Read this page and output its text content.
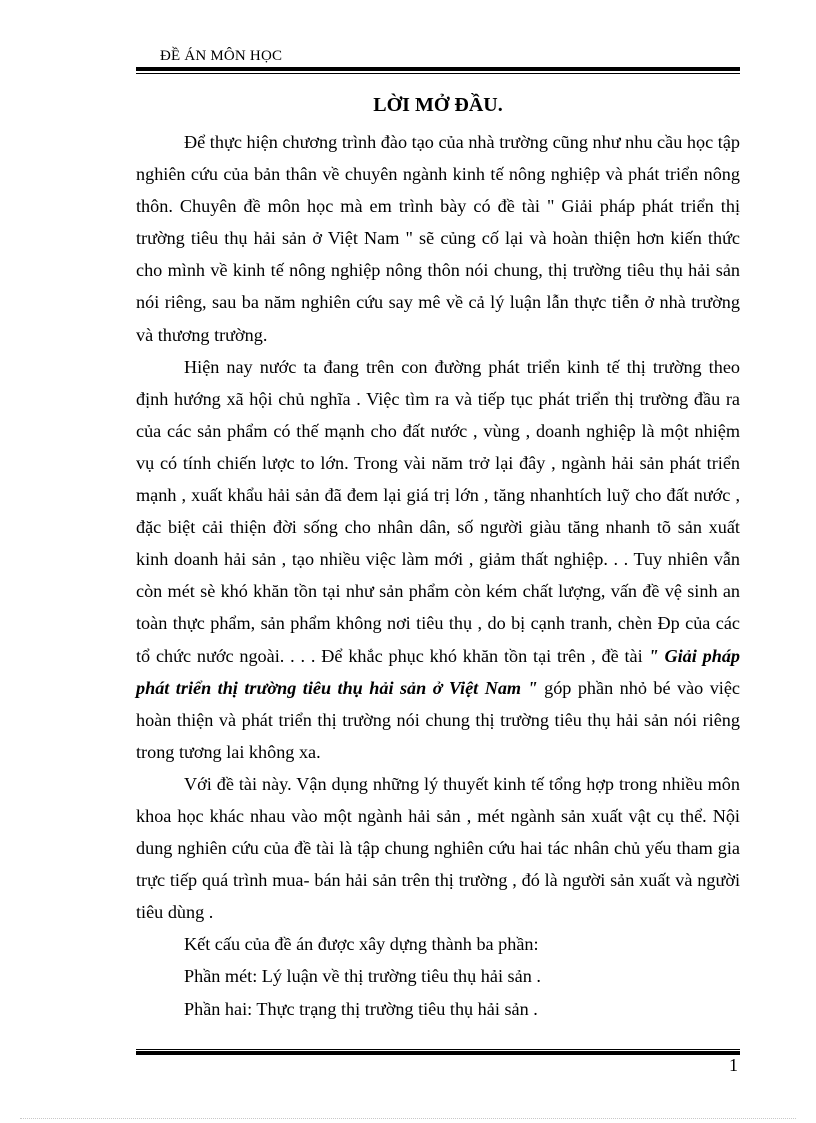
ĐỀ ÁN MÔN HỌC
LỜI MỞ ĐẦU.

Để thực hiện chương trình đào tạo của nhà trường cũng như nhu cầu học tập nghiên cứu của bản thân về chuyên ngành kinh tế nông nghiệp và phát triển nông thôn. Chuyên đề môn học mà em trình bày có đề tài " Giải pháp phát triển thị trường tiêu thụ hải sản ở Việt Nam " sẽ củng cố lại và hoàn thiện hơn kiến thức cho mình về kinh tế nông nghiệp nông thôn nói chung, thị trường tiêu thụ hải sản nói riêng, sau ba năm nghiên cứu say mê về cả lý luận lẫn thực tiễn ở nhà trường và thương trường.

Hiện nay nước ta đang trên con đường phát triển kinh tế thị trường theo định hướng xã hội chủ nghĩa . Việc tìm ra và tiếp tục phát triển thị trường đầu ra của các sản phẩm có thế mạnh cho đất nước , vùng , doanh nghiệp là một nhiệm vụ có tính chiến lược to lớn. Trong vài năm trở lại đây , ngành hải sản phát triển mạnh , xuất khẩu hải sản đã đem lại giá trị lớn , tăng nhanhtích luỹ cho đất nước , đặc biệt cải thiện đời sống cho nhân dân, số người giàu tăng nhanh tõ sản xuất kinh doanh hải sản , tạo nhiều việc làm mới , giảm thất nghiệp. . . Tuy nhiên vẫn còn mét sè khó khăn tồn tại như sản phẩm còn kém chất lượng, vấn đề vệ sinh an toàn thực phẩm, sản phẩm không nơi tiêu thụ , do bị cạnh tranh, chèn Đp của các tổ chức nước ngoài. . . . Để khắc phục khó khăn tồn tại trên , đề tài " Giải pháp phát triển thị trường tiêu thụ hải sản ở Việt Nam " góp phần nhỏ bé vào việc hoàn thiện và phát triển thị trường nói chung thị trường tiêu thụ hải sản nói riêng trong tương lai không xa.

Với đề tài này. Vận dụng những lý thuyết kinh tế tổng hợp trong nhiều môn khoa học khác nhau vào một ngành hải sản , mét ngành sản xuất vật cụ thể. Nội dung nghiên cứu của đề tài là tập chung nghiên cứu hai tác nhân chủ yếu tham gia trực tiếp quá trình mua- bán hải sản trên thị trường , đó là người sản xuất và người tiêu dùng .

Kết cấu của đề án được xây dựng thành ba phần:

Phần mét: Lý luận về thị trường tiêu thụ hải sản .

Phần hai: Thực trạng thị trường tiêu thụ hải sản .

1
